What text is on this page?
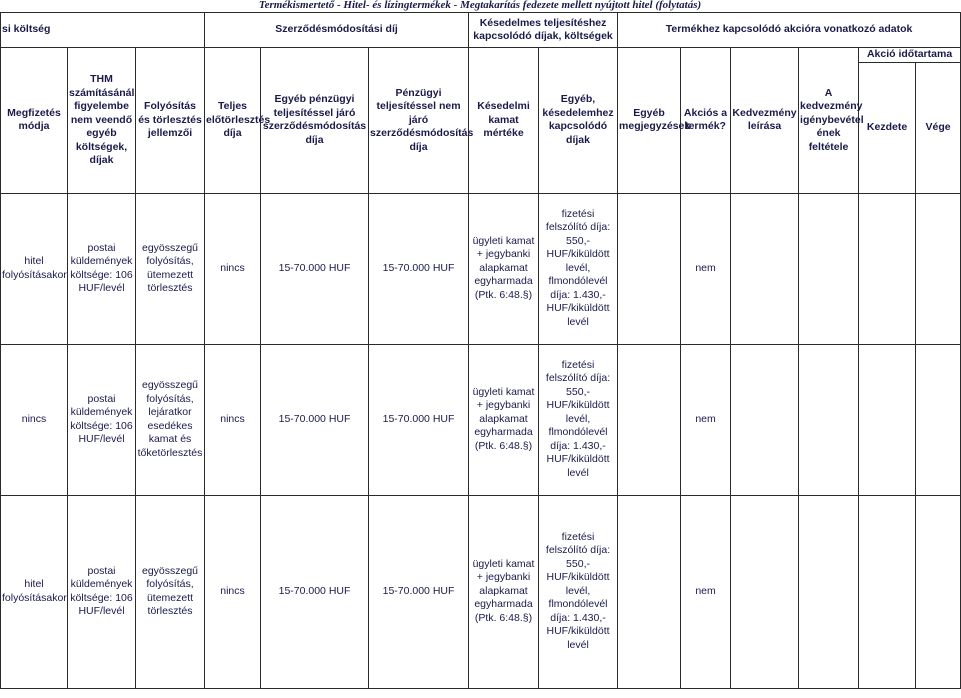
Termékismertető - Hitel- és lízingtermékek - Megtakarítás fedezete mellett nyújtott hitel (folytatás)
si költség			Szerződésmódosítási díj			Késedelmes teljesítéshez kapcsolódó díjak, költségek		Termékhez kapcsolódó akcióra vonatkozó adatok					
Megfizetés módja	THM számításánál figyelembe nem veendő egyéb költségek, díjak	Folyósítás és törlesztés jellemzői	Teljes előtörlesztés díja	Egyéb pénzügyi teljesítéssel járó szerződésmódosítás díja	Pénzügyi teljesítéssel nem járó szerződésmódosítás díja	Késedelmi kamat mértéke	Egyéb, késedelemhez kapcsolódó díjak	Egyéb megjegyzések	Akciós a termék?	Kedvezmény leírása	A kedvezmény igénybevétel ének feltétele	Akció időtartama	
												Kezdete	Vége
hitel folyósításakor	postai küldemények költsége: 106 HUF/levél	egyösszegű folyósítás, ütemezett törlesztés	nincs	15-70.000 HUF	15-70.000 HUF	ügyleti kamat + jegybanki alapkamat egyharmada (Ptk. 6:48.§)	fizetési felszólító díja: 550,- HUF/kiküldött levél, flmondólevél díja: 1.430,- HUF/kiküldött levél		nem				
nincs	postai küldemények költsége: 106 HUF/levél	egyösszegű folyósítás, lejáratkor esedékes kamat és tőketörlesztés	nincs	15-70.000 HUF	15-70.000 HUF	ügyleti kamat + jegybanki alapkamat egyharmada (Ptk. 6:48.§)	fizetési felszólító díja: 550,- HUF/kiküldött levél, flmondólevél díja: 1.430,- HUF/kiküldött levél		nem				
hitel folyósításakor	postai küldemények költsége: 106 HUF/levél	egyösszegű folyósítás, ütemezett törlesztés	nincs	15-70.000 HUF	15-70.000 HUF	ügyleti kamat + jegybanki alapkamat egyharmada (Ptk. 6:48.§)	fizetési felszólító díja: 550,- HUF/kiküldött levél, flmondólevél díja: 1.430,- HUF/kiküldött levél		nem				
